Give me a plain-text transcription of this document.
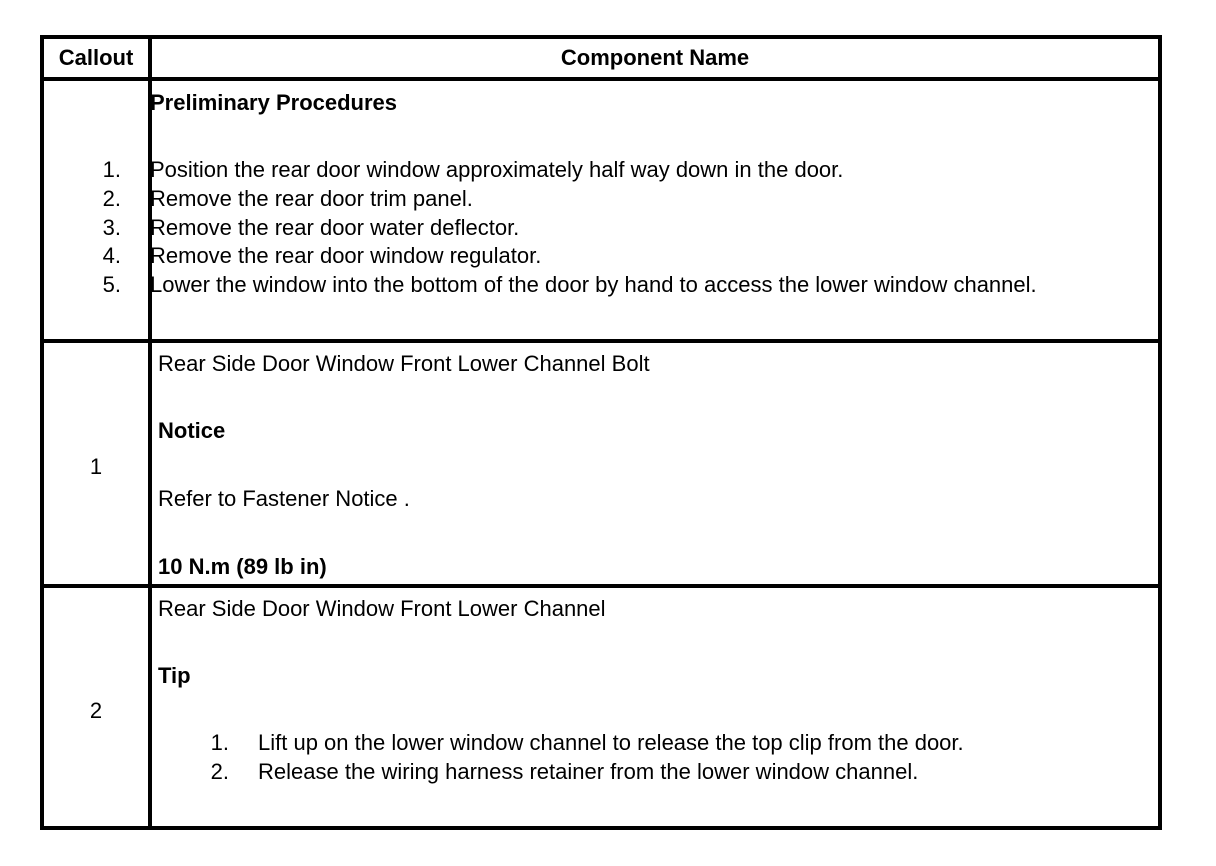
Callout	Component Name
Preliminary Procedures
1. Position the rear door window approximately half way down in the door.
2. Remove the rear door trim panel.
3. Remove the rear door water deflector.
4. Remove the rear door window regulator.
5. Lower the window into the bottom of the door by hand to access the lower window channel.
1
Rear Side Door Window Front Lower Channel Bolt
Notice
Refer to Fastener Notice .
10 N.m (89 lb in)
2
Rear Side Door Window Front Lower Channel
Tip
1. Lift up on the lower window channel to release the top clip from the door.
2. Release the wiring harness retainer from the lower window channel.
